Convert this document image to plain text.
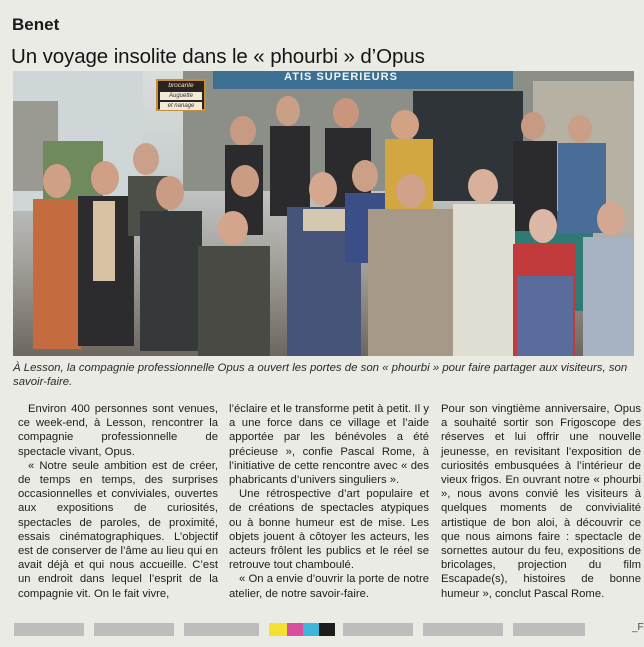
Benet
Un voyage insolite dans le « phourbi » d’Opus
brocante
Auguette
et nanage
ATIS SUPERIEURS
À Lesson, la compagnie professionnelle Opus a ouvert les portes de son « phourbi » pour faire partager aux visiteurs, son savoir-faire.

Environ 400 personnes sont venues, ce week-end, à Lesson, rencontrer la compagnie professionnelle de spectacle vivant, Opus.

« Notre seule ambition est de créer, de temps en temps, des surprises occasionnelles et conviviales, ouvertes aux expositions de curiosités, spectacles de paroles, de proximité, essais cinématographiques. L’objectif est de conserver de l’âme au lieu qui en avait déjà et qui nous accueille. C’est un endroit dans lequel l’esprit de la compagnie vit. On le fait vivre,

l’éclaire et le transforme petit à petit. Il y a une force dans ce village et l’aide apportée par les bénévoles a été précieuse », confie Pascal Rome, à l’initiative de cette rencontre avec « des phabricants d’univers singuliers ».

Une rétrospective d’art populaire et de créations de spectacles atypiques ou à bonne humeur est de mise. Les objets jouent à côtoyer les acteurs, les acteurs frôlent les publics et le réel se retrouve tout chamboulé.

« On a envie d’ouvrir la porte de notre atelier, de notre savoir-faire.

Pour son vingtième anniversaire, Opus a souhaité sortir son Frigoscope des réserves et lui offrir une nouvelle jeunesse, en revisitant l’exposition de curiosités embusquées à l’intérieur de vieux frigos. En ouvrant notre « phourbi », nous avons convié les visiteurs à quelques moments de convivialité artistique de bon aloi, à découvrir ce que nous aimons faire : spectacle de sornettes autour du feu, expositions de bricolages, projection du film Escapade(s), histoires de bonne humeur », conclut Pascal Rome.

_F
